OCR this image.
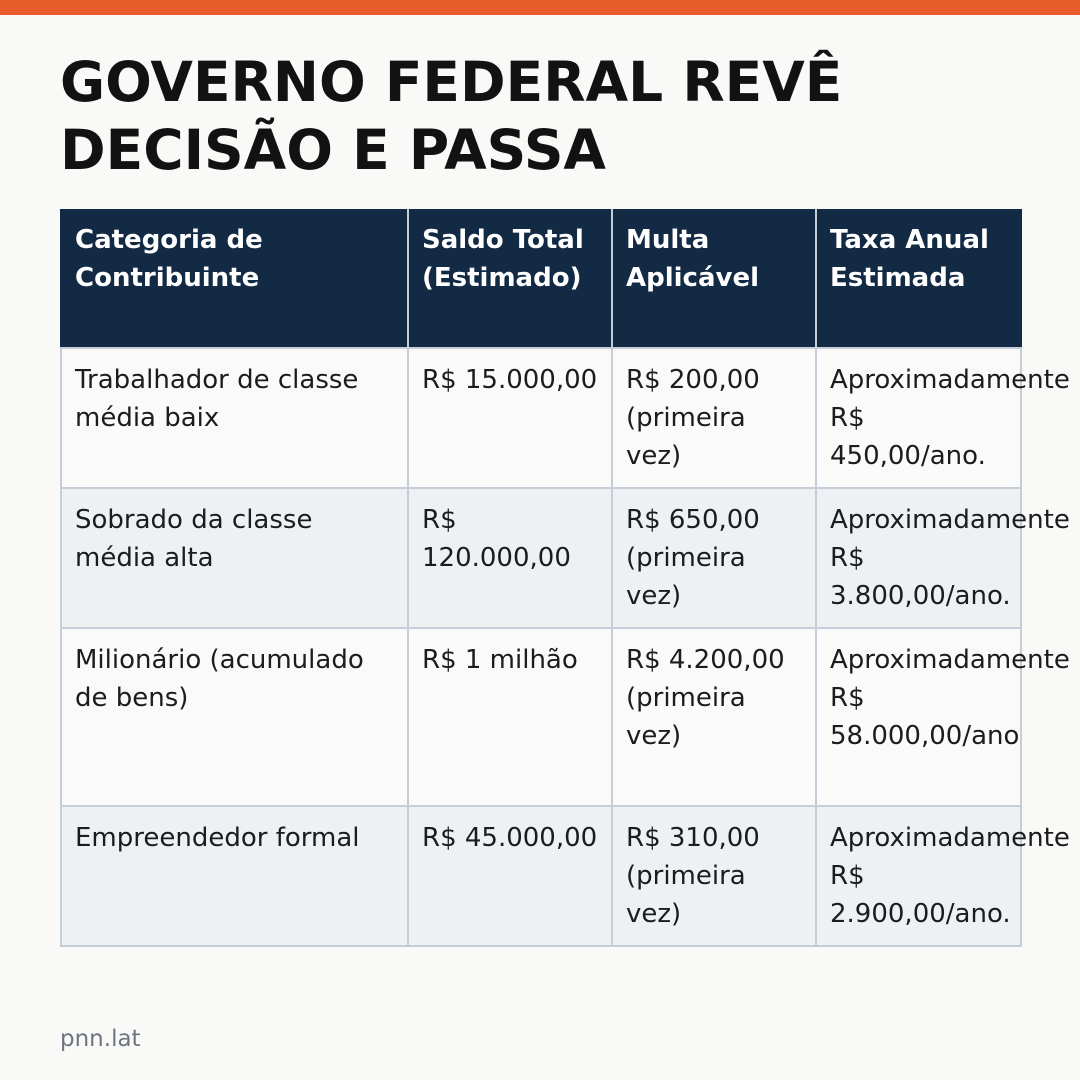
GOVERNO FEDERAL REVÊ DECISÃO E PASSA
Categoria de Contribuinte	Saldo Total (Estimado)	Multa Aplicável	Taxa Anual Estimada
Trabalhador de classe média baix	R$ 15.000,00	R$ 200,00 (primeira vez)	Aproximadamente R$ 450,00/ano.
Sobrado da classe média alta	R$ 120.000,00	R$ 650,00 (primeira vez)	Aproximadamente R$ 3.800,00/ano.
Milionário (acumulado de bens)	R$ 1 milhão	R$ 4.200,00 (primeira vez)	Aproximadamente R$ 58.000,00/ano
Empreendedor formal	R$ 45.000,00	R$ 310,00 (primeira vez)	Aproximadamente R$ 2.900,00/ano.
pnn.lat
